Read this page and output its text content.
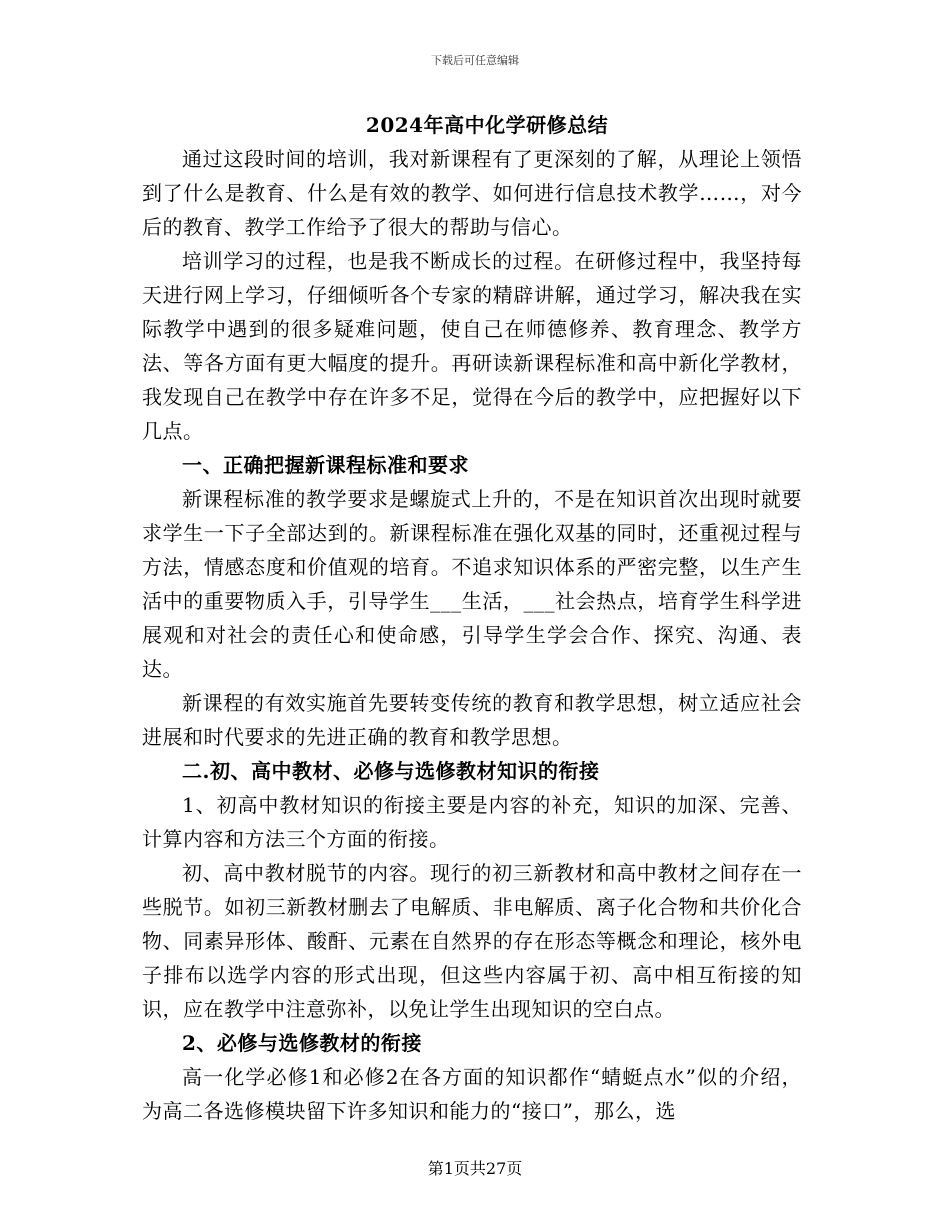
下载后可任意编辑
2024年高中化学研修总结

通过这段时间的培训，我对新课程有了更深刻的了解，从理论上领悟到了什么是教育、什么是有效的教学、如何进行信息技术教学……，对今后的教育、教学工作给予了很大的帮助与信心。

培训学习的过程，也是我不断成长的过程。在研修过程中，我坚持每天进行网上学习，仔细倾听各个专家的精辟讲解，通过学习，解决我在实际教学中遇到的很多疑难问题，使自己在师德修养、教育理念、教学方法、等各方面有更大幅度的提升。再研读新课程标准和高中新化学教材，我发现自己在教学中存在许多不足，觉得在今后的教学中，应把握好以下几点。

一、正确把握新课程标准和要求

新课程标准的教学要求是螺旋式上升的，不是在知识首次出现时就要求学生一下子全部达到的。新课程标准在强化双基的同时，还重视过程与方法，情感态度和价值观的培育。不追求知识体系的严密完整，以生产生活中的重要物质入手，引导学生___生活，___社会热点，培育学生科学进展观和对社会的责任心和使命感，引导学生学会合作、探究、沟通、表达。

新课程的有效实施首先要转变传统的教育和教学思想，树立适应社会进展和时代要求的先进正确的教育和教学思想。

二.初、高中教材、必修与选修教材知识的衔接

1、初高中教材知识的衔接主要是内容的补充，知识的加深、完善、计算内容和方法三个方面的衔接。

初、高中教材脱节的内容。现行的初三新教材和高中教材之间存在一些脱节。如初三新教材删去了电解质、非电解质、离子化合物和共价化合物、同素异形体、酸酐、元素在自然界的存在形态等概念和理论，核外电子排布以选学内容的形式出现，但这些内容属于初、高中相互衔接的知识，应在教学中注意弥补，以免让学生出现知识的空白点。

2、必修与选修教材的衔接

高一化学必修1和必修2在各方面的知识都作“蜻蜓点水”似的介绍，为高二各选修模块留下许多知识和能力的“接口”，那么，选

第1页共27页
